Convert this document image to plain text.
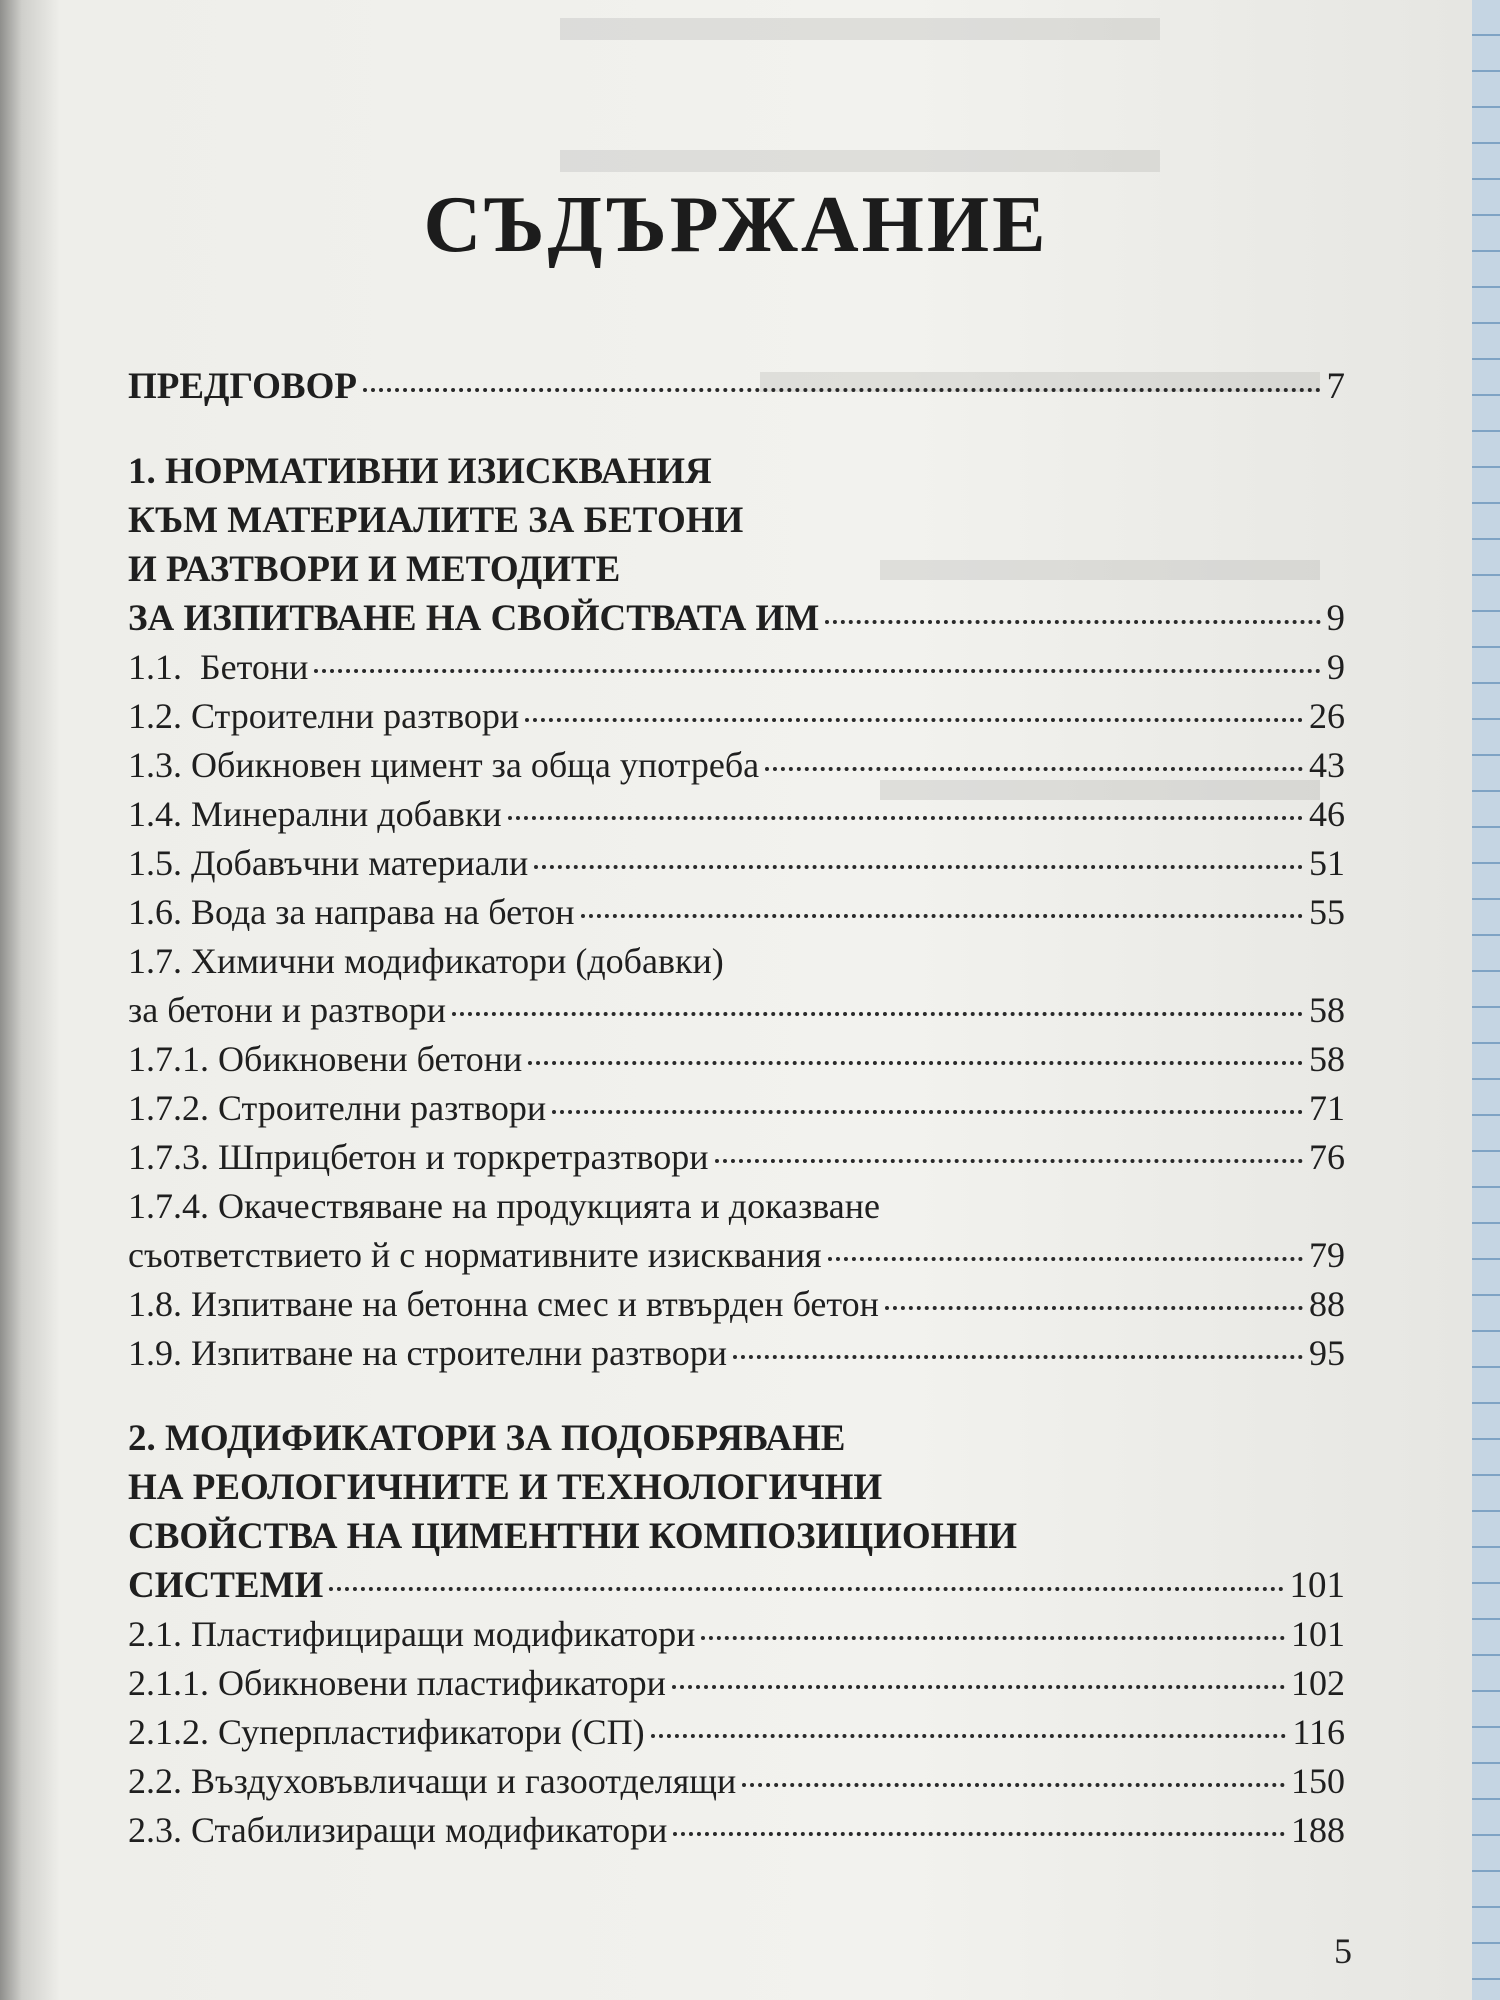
СЪДЪРЖАНИЕ
ПРЕДГОВОР	7
1. НОРМАТИВНИ ИЗИСКВАНИЯ
КЪМ МАТЕРИАЛИТЕ ЗА БЕТОНИ
И РАЗТВОРИ И МЕТОДИТЕ
ЗА ИЗПИТВАНЕ НА СВОЙСТВАТА ИМ	9
1.1.  Бетони	9
1.2. Строителни разтвори	26
1.3. Обикновен цимент за обща употреба	43
1.4. Минерални добавки	46
1.5. Добавъчни материали	51
1.6. Вода за направа на бетон	55
1.7. Химични модификатори (добавки)
за бетони и разтвори	58
1.7.1. Обикновени бетони	58
1.7.2. Строителни разтвори	71
1.7.3. Шприцбетон и торкретразтвори	76
1.7.4. Окачествяване на продукцията и доказване
съответствието й с нормативните изисквания	79
1.8. Изпитване на бетонна смес и втвърден бетон	88
1.9. Изпитване на строителни разтвори	95
2. МОДИФИКАТОРИ ЗА ПОДОБРЯВАНЕ
НА РЕОЛОГИЧНИТЕ И ТЕХНОЛОГИЧНИ
СВОЙСТВА НА ЦИМЕНТНИ КОМПОЗИЦИОННИ
СИСТЕМИ	101
2.1. Пластифициращи модификатори	101
2.1.1. Обикновени пластификатори	102
2.1.2. Суперпластификатори (СП)	116
2.2. Въздуховъвличащи и газоотделящи	150
2.3. Стабилизиращи модификатори	188
5
